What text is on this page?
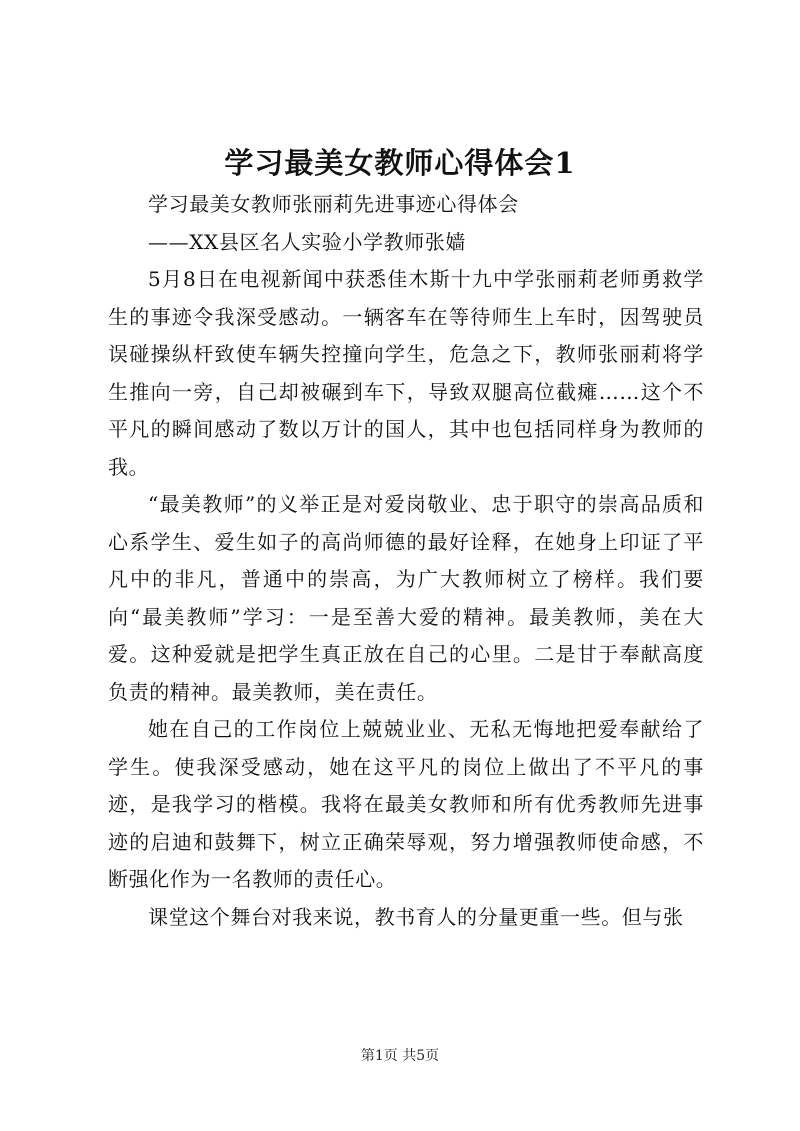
学习最美女教师心得体会1

学习最美女教师张丽莉先进事迹心得体会

——XX县区名人实验小学教师张嫱

5月8日在电视新闻中获悉佳木斯十九中学张丽莉老师勇救学生的事迹令我深受感动。一辆客车在等待师生上车时，因驾驶员误碰操纵杆致使车辆失控撞向学生，危急之下，教师张丽莉将学生推向一旁，自己却被碾到车下，导致双腿高位截瘫……这个不平凡的瞬间感动了数以万计的国人，其中也包括同样身为教师的我。

“最美教师”的义举正是对爱岗敬业、忠于职守的崇高品质和心系学生、爱生如子的高尚师德的最好诠释，在她身上印证了平凡中的非凡，普通中的崇高，为广大教师树立了榜样。我们要向“最美教师”学习：一是至善大爱的精神。最美教师，美在大爱。这种爱就是把学生真正放在自己的心里。二是甘于奉献高度负责的精神。最美教师，美在责任。

她在自己的工作岗位上兢兢业业、无私无悔地把爱奉献给了学生。使我深受感动，她在这平凡的岗位上做出了不平凡的事迹，是我学习的楷模。我将在最美女教师和所有优秀教师先进事迹的启迪和鼓舞下，树立正确荣辱观，努力增强教师使命感，不断强化作为一名教师的责任心。

课堂这个舞台对我来说，教书育人的分量更重一些。但与张

第1页 共5页
